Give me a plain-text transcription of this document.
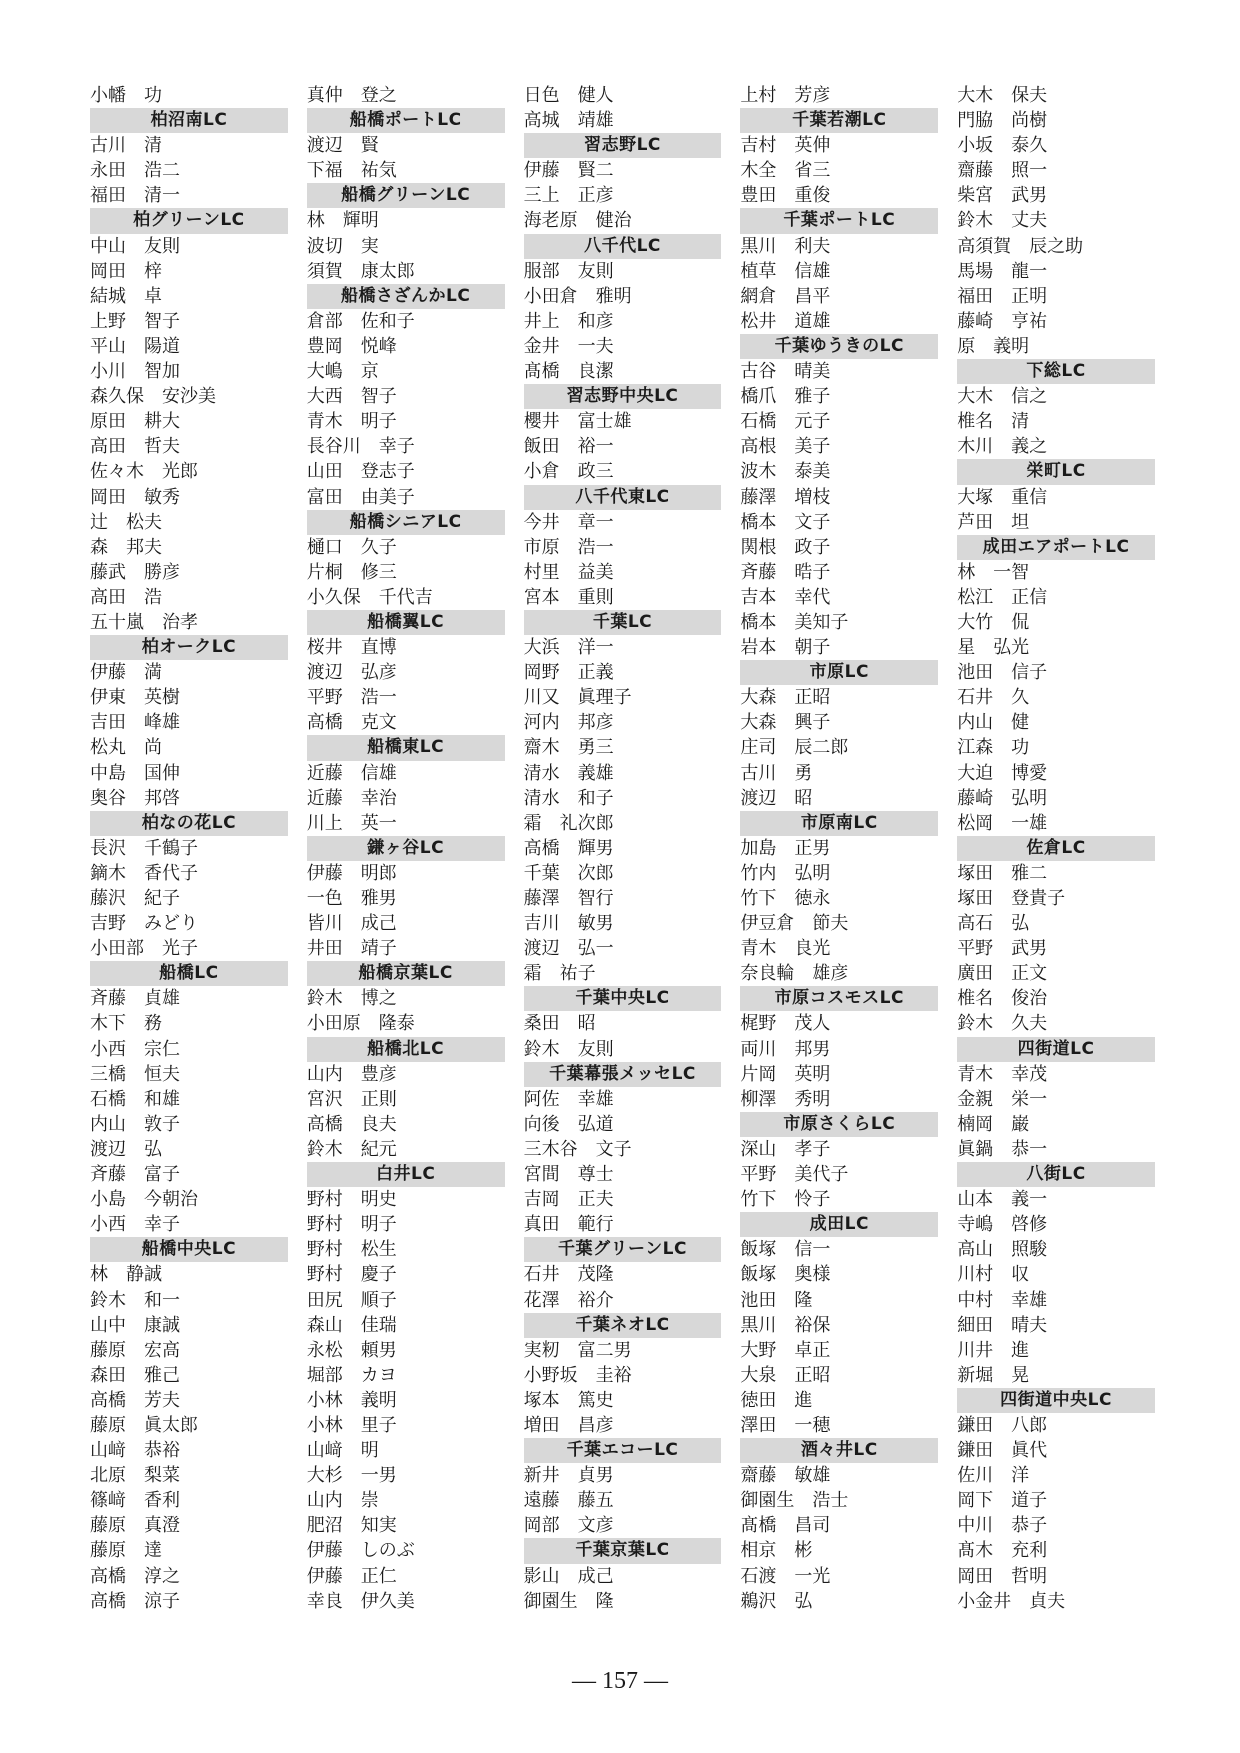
小幡　功
柏沼南LC
古川　清
永田　浩二
福田　清一
柏グリーンLC
中山　友則
岡田　梓
結城　卓
上野　智子
平山　陽道
小川　智加
森久保　安沙美
原田　耕大
高田　哲夫
佐々木　光郎
岡田　敏秀
辻　松夫
森　邦夫
藤武　勝彦
高田　浩
五十嵐　治孝
柏オークLC
伊藤　満
伊東　英樹
吉田　峰雄
松丸　尚
中島　国伸
奥谷　邦啓
柏なの花LC
長沢　千鶴子
鏑木　香代子
藤沢　紀子
吉野　みどり
小田部　光子
船橋LC
斉藤　貞雄
木下　務
小西　宗仁
三橋　恒夫
石橋　和雄
内山　敦子
渡辺　弘
斉藤　富子
小島　今朝治
小西　幸子
船橋中央LC
林　静誠
鈴木　和一
山中　康誠
藤原　宏高
森田　雅己
高橋　芳夫
藤原　眞太郎
山﨑　恭裕
北原　梨菜
篠﨑　香利
藤原　真澄
藤原　達
高橋　淳之
高橋　涼子
真仲　登之
船橋ポートLC
渡辺　賢
下福　祐気
船橋グリーンLC
林　輝明
波切　実
須賀　康太郎
船橋さざんかLC
倉部　佐和子
豊岡　悦峰
大嶋　京
大西　智子
青木　明子
長谷川　幸子
山田　登志子
富田　由美子
船橋シニアLC
樋口　久子
片桐　修三
小久保　千代吉
船橋翼LC
桜井　直博
渡辺　弘彦
平野　浩一
高橋　克文
船橋東LC
近藤　信雄
近藤　幸治
川上　英一
鎌ヶ谷LC
伊藤　明郎
一色　雅男
皆川　成己
井田　靖子
船橋京葉LC
鈴木　博之
小田原　隆泰
船橋北LC
山内　豊彦
宮沢　正則
高橋　良夫
鈴木　紀元
白井LC
野村　明史
野村　明子
野村　松生
野村　慶子
田尻　順子
森山　佳瑞
永松　頼男
堀部　カヨ
小林　義明
小林　里子
山﨑　明
大杉　一男
山内　崇
肥沼　知実
伊藤　しのぶ
伊藤　正仁
幸良　伊久美
日色　健人
高城　靖雄
習志野LC
伊藤　賢二
三上　正彦
海老原　健治
八千代LC
服部　友則
小田倉　雅明
井上　和彦
金井　一夫
髙橋　良潔
習志野中央LC
櫻井　富士雄
飯田　裕一
小倉　政三
八千代東LC
今井　章一
市原　浩一
村里　益美
宮本　重則
千葉LC
大浜　洋一
岡野　正義
川又　眞理子
河内　邦彦
齋木　勇三
清水　義雄
清水　和子
霜　礼次郎
高橋　輝男
千葉　次郎
藤澤　智行
吉川　敏男
渡辺　弘一
霜　祐子
千葉中央LC
桑田　昭
鈴木　友則
千葉幕張メッセLC
阿佐　幸雄
向後　弘道
三木谷　文子
宮間　尊士
吉岡　正夫
真田　範行
千葉グリーンLC
石井　茂隆
花澤　裕介
千葉ネオLC
実籾　富二男
小野坂　圭裕
塚本　篤史
増田　昌彦
千葉エコーLC
新井　貞男
遠藤　藤五
岡部　文彦
千葉京葉LC
影山　成己
御園生　隆
上村　芳彦
千葉若潮LC
吉村　英伸
木全　省三
豊田　重俊
千葉ポートLC
黒川　利夫
植草　信雄
網倉　昌平
松井　道雄
千葉ゆうきのLC
古谷　晴美
橋爪　雅子
石橋　元子
高根　美子
波木　泰美
藤澤　増枝
橋本　文子
関根　政子
斉藤　晧子
吉本　幸代
橋本　美知子
岩本　朝子
市原LC
大森　正昭
大森　興子
庄司　辰二郎
古川　勇
渡辺　昭
市原南LC
加島　正男
竹内　弘明
竹下　徳永
伊豆倉　節夫
青木　良光
奈良輪　雄彦
市原コスモスLC
梶野　茂人
両川　邦男
片岡　英明
柳澤　秀明
市原さくらLC
深山　孝子
平野　美代子
竹下　怜子
成田LC
飯塚　信一
飯塚　奥様
池田　隆
黒川　裕保
大野　卓正
大泉　正昭
徳田　進
澤田　一穂
酒々井LC
齋藤　敏雄
御園生　浩士
髙橋　昌司
相京　彬
石渡　一光
鵜沢　弘
大木　保夫
門脇　尚樹
小坂　泰久
齋藤　照一
柴宮　武男
鈴木　丈夫
高須賀　辰之助
馬場　龍一
福田　正明
藤崎　亨祐
原　義明
下総LC
大木　信之
椎名　清
木川　義之
栄町LC
大塚　重信
芦田　坦
成田エアポートLC
林　一智
松江　正信
大竹　侃
星　弘光
池田　信子
石井　久
内山　健
江森　功
大迫　博愛
藤崎　弘明
松岡　一雄
佐倉LC
塚田　雅二
塚田　登貴子
高石　弘
平野　武男
廣田　正文
椎名　俊治
鈴木　久夫
四街道LC
青木　幸茂
金親　栄一
楠岡　巌
眞鍋　恭一
八街LC
山本　義一
寺嶋　啓修
高山　照駿
川村　収
中村　幸雄
細田　晴夫
川井　進
新堀　晃
四街道中央LC
鎌田　八郎
鎌田　眞代
佐川　洋
岡下　道子
中川　恭子
髙木　充利
岡田　哲明
小金井　貞夫
— 157 —
